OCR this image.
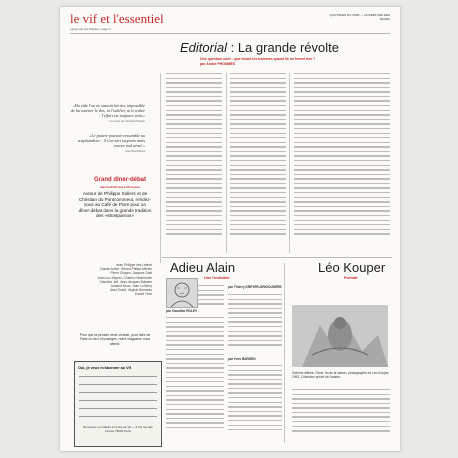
le vif et l'essentiel
Lancé par les Pastiers, page 4
QUOTIDIEN DU SOIR — OUVERTURE DES PAGES
Editorial : La grande révolte
Une question osée : que feront les hommes quand ils ne feront rien ?
par André PHONMÈS
«Du vide l'on ne saurait hériter, impossible de lui tourner le dos, ni l'oublier, ni le trahir : l'effort est toujours vain.»
La Lettre de Christian Prigent
«Le pauvre pouvoir ressemble au scaphandrier : il s'en sort toujours mais encore mal armé.»
Jean Baudrillard
Grand dîner-débat
mercredi 29 mai à 20 heures
Autour de Philippe Sollers et de Christian du Pontcommeut, rendez-vous au Café de Flore pour un dîner-débat dans la grande tradition des «Montparnos»
avec Philippe des Lettres
Claude André, Gérard Philipe-Mérieu
Pierre Citoyen, Jacques Gotti
Jean-Luc Déprez, Charles Delabroude
Claudine Jeff, Jean-Jacques Boissier
Armand Noun, Joan Lu Berry
Jean Dutuit, Virginie Bonneau
Daniel Yvon
Pour que la pensée reste vivante, pour faire de Paris un lieu d'échanges, notre magazine vous attend.
Oui, je veux m'abonner au Vif
Renvoyez ce bulletin à l'ordre de Vif — 6 bis rue des Lettres 75006 Paris
Adieu Alain
Une l'indicible
par Claudine ROLEY
par Thierry DREYER-GRIGOUDÈRE
par Yves BARDEN
Léo Kouper
Portrait
Sixième affiche, l'hiver, fin de la saison, photographie de Léo Kouper, 1993. Collection privée de l'auteur.
